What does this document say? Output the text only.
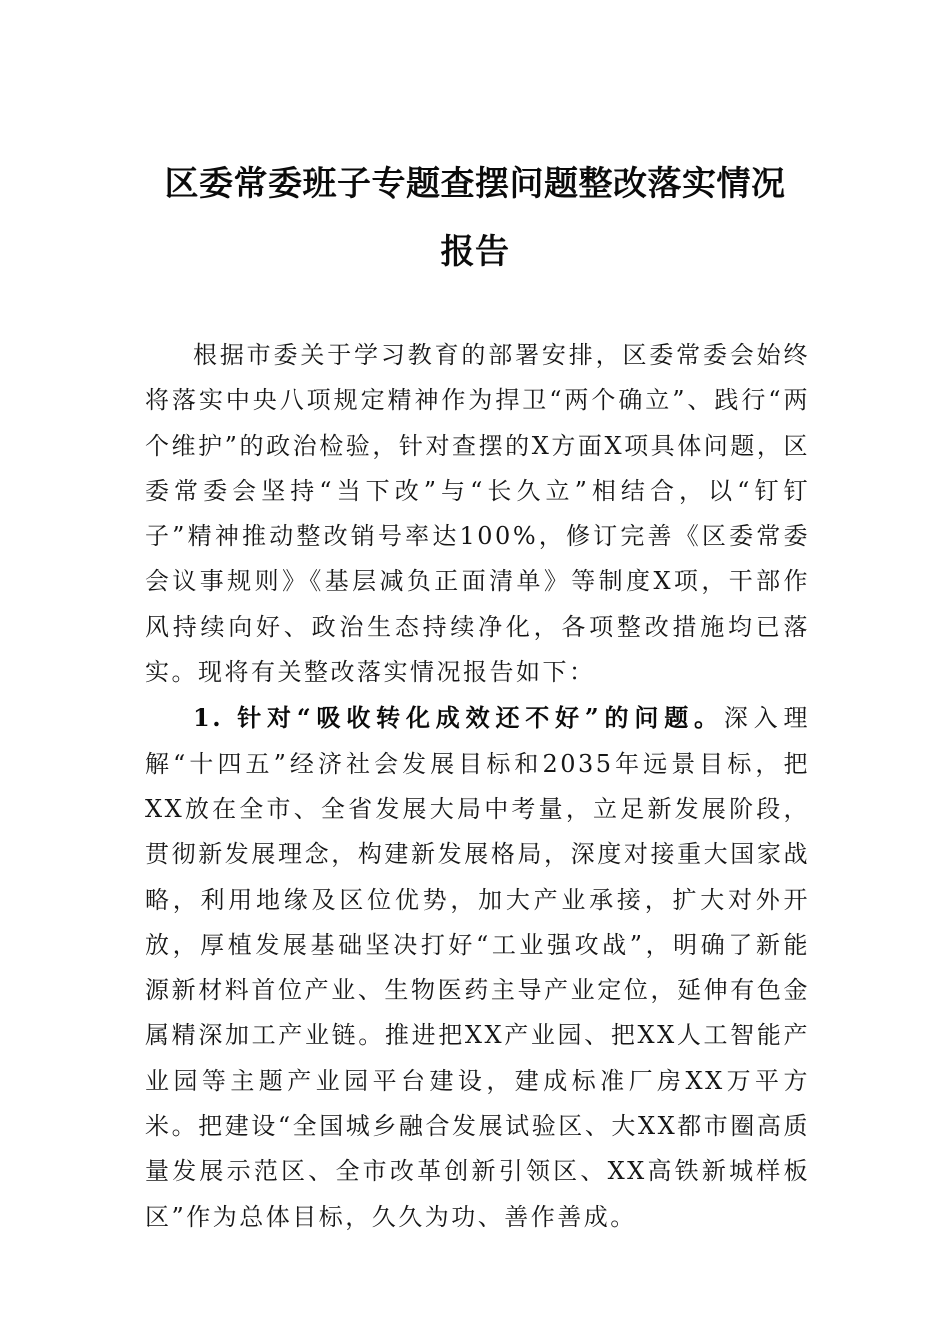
区委常委班子专题查摆问题整改落实情况
报告

根据市委关于学习教育的部署安排，区委常委会始终将落实中央八项规定精神作为捍卫“两个确立”、践行“两个维护”的政治检验，针对查摆的X方面X项具体问题，区委常委会坚持“当下改”与“长久立”相结合，以“钉钉子”精神推动整改销号率达100%，修订完善《区委常委会议事规则》《基层减负正面清单》等制度X项，干部作风持续向好、政治生态持续净化，各项整改措施均已落实。现将有关整改落实情况报告如下：

1. 针对“吸收转化成效还不好”的问题。深入理解“十四五”经济社会发展目标和2035年远景目标，把XX放在全市、全省发展大局中考量，立足新发展阶段，贯彻新发展理念，构建新发展格局，深度对接重大国家战略，利用地缘及区位优势，加大产业承接，扩大对外开放，厚植发展基础坚决打好“工业强攻战”，明确了新能源新材料首位产业、生物医药主导产业定位，延伸有色金属精深加工产业链。推进把XX产业园、把XX人工智能产业园等主题产业园平台建设，建成标准厂房XX万平方米。把建设“全国城乡融合发展试验区、大XX都市圈高质量发展示范区、全市改革创新引领区、XX高铁新城样板区”作为总体目标，久久为功、善作善成。
